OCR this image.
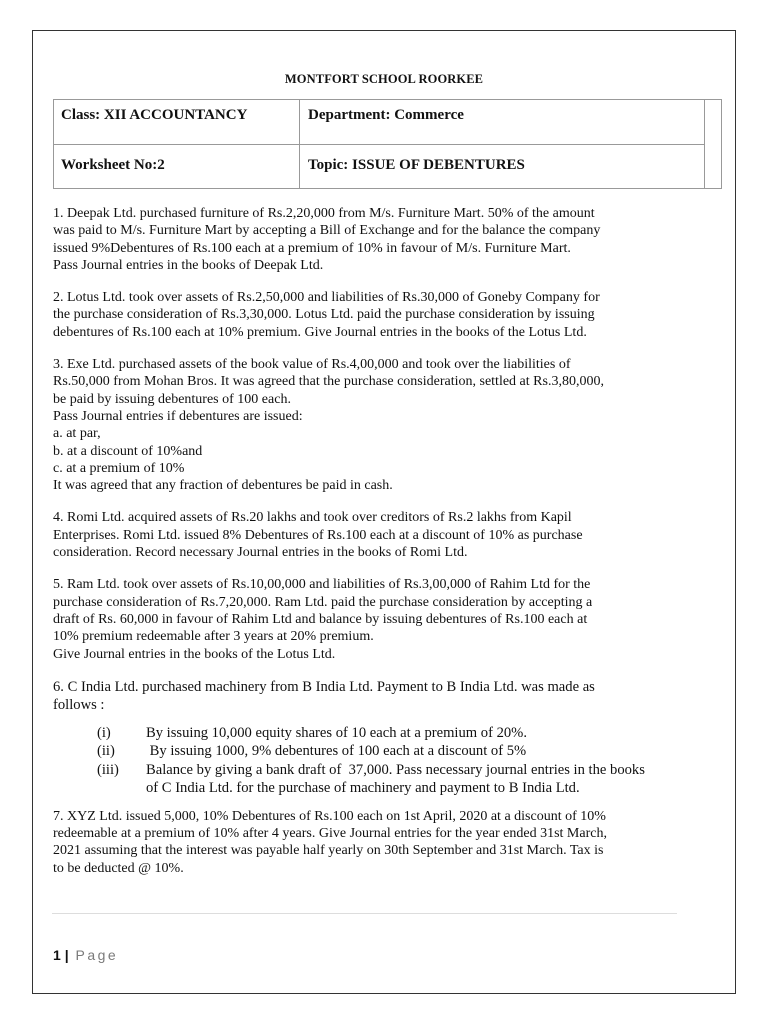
MONTFORT SCHOOL ROORKEE
Class: XII ACCOUNTANCY	Department: Commerce
Worksheet No:2	Topic: ISSUE OF DEBENTURES

1. Deepak Ltd. purchased furniture of Rs.2,20,000 from M/s. Furniture Mart. 50% of the amount

was paid to M/s. Furniture Mart by accepting a Bill of Exchange and for the balance the company

issued 9%Debentures of Rs.100 each at a premium of 10% in favour of M/s. Furniture Mart.

Pass Journal entries in the books of Deepak Ltd.

2. Lotus Ltd. took over assets of Rs.2,50,000 and liabilities of Rs.30,000 of Goneby Company for

the purchase consideration of Rs.3,30,000. Lotus Ltd. paid the purchase consideration by issuing

debentures of Rs.100 each at 10% premium. Give Journal entries in the books of the Lotus Ltd.

3. Exe Ltd. purchased assets of the book value of Rs.4,00,000 and took over the liabilities of

Rs.50,000 from Mohan Bros. It was agreed that the purchase consideration, settled at Rs.3,80,000,

be paid by issuing debentures of 100 each.

Pass Journal entries if debentures are issued:

a. at par,

b. at a discount of 10%and

c. at a premium of 10%

It was agreed that any fraction of debentures be paid in cash.

4. Romi Ltd. acquired assets of Rs.20 lakhs and took over creditors of Rs.2 lakhs from Kapil

Enterprises. Romi Ltd. issued 8% Debentures of Rs.100 each at a discount of 10% as purchase

consideration. Record necessary Journal entries in the books of Romi Ltd.

5. Ram Ltd. took over assets of Rs.10,00,000 and liabilities of Rs.3,00,000 of Rahim Ltd for the

purchase consideration of Rs.7,20,000. Ram Ltd. paid the purchase consideration by accepting a

draft of Rs. 60,000 in favour of Rahim Ltd and balance by issuing debentures of Rs.100 each at

10% premium redeemable after 3 years at 20% premium.

Give Journal entries in the books of the Lotus Ltd.

6. C India Ltd. purchased machinery from B India Ltd. Payment to B India Ltd. was made as

follows :

(i)	By issuing 10,000 equity shares of 10 each at a premium of 20%.
(ii)	By issuing 1000, 9% debentures of 100 each at a discount of 5%
(iii)	Balance by giving a bank draft of  37,000. Pass necessary journal entries in the books
of C India Ltd. for the purchase of machinery and payment to B India Ltd.

7. XYZ Ltd. issued 5,000, 10% Debentures of Rs.100 each on 1st April, 2020 at a discount of 10%

redeemable at a premium of 10% after 4 years. Give Journal entries for the year ended 31st March,

2021 assuming that the interest was payable half yearly on 30th September and 31st March. Tax is

to be deducted @ 10%.

1 | Page
